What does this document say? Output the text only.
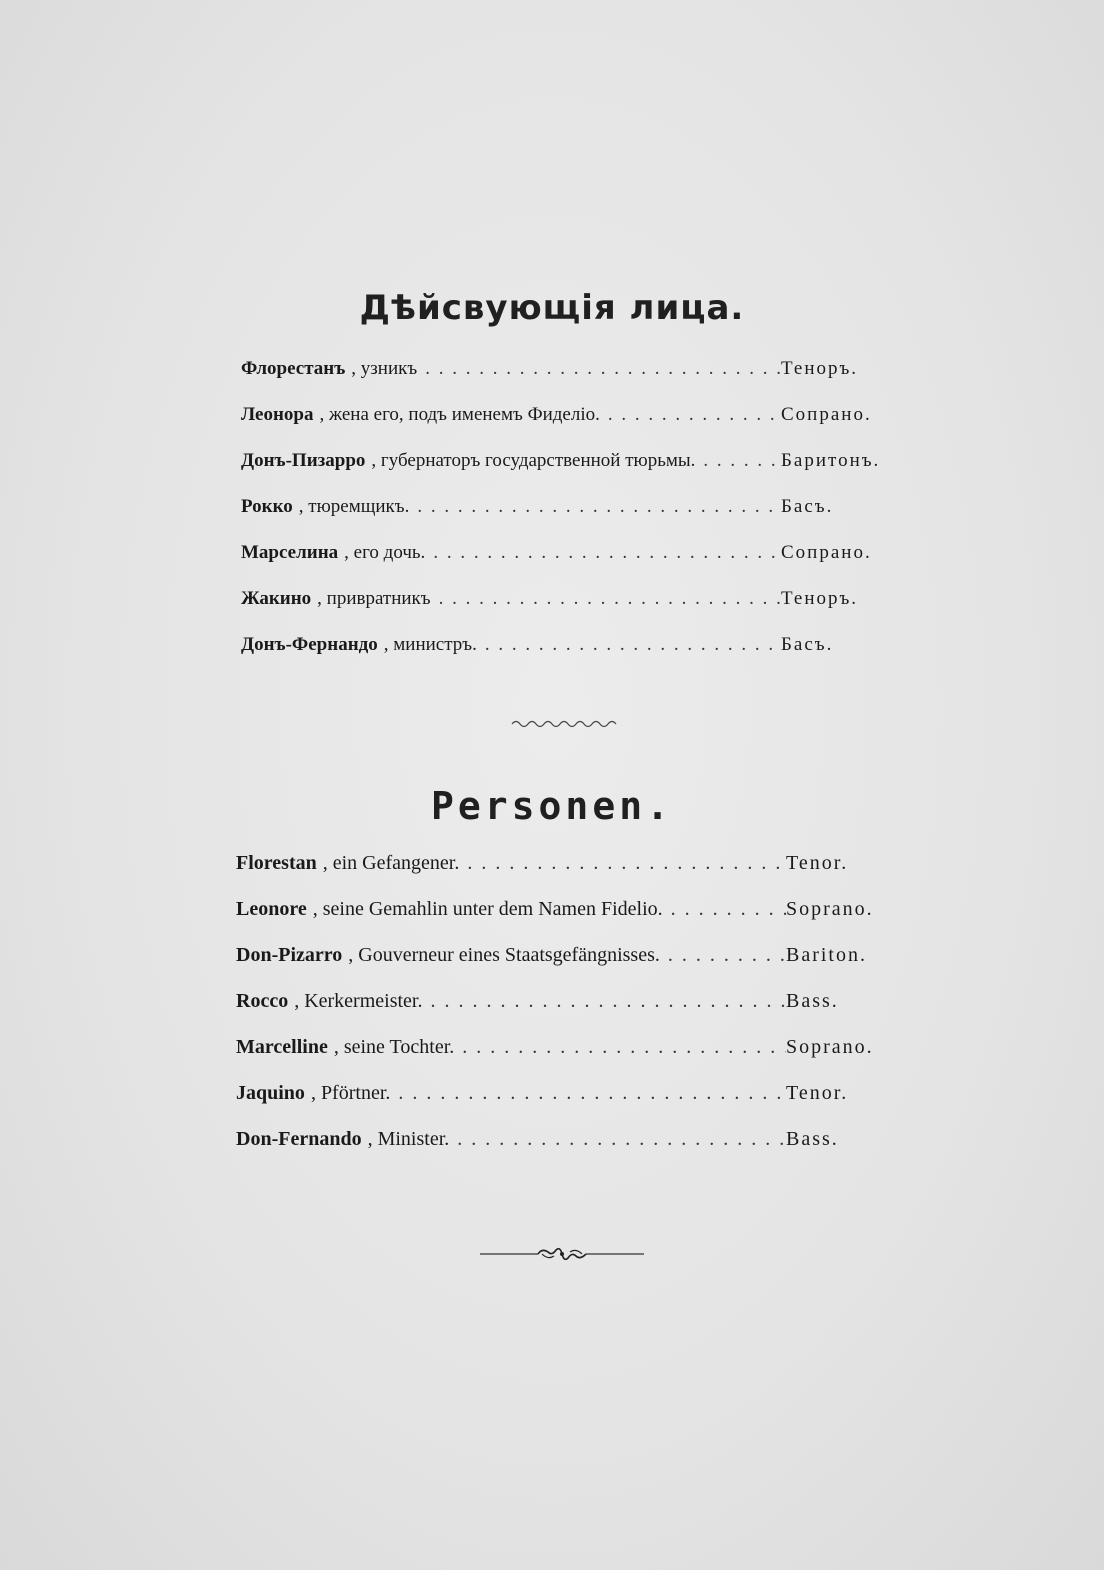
Дѣйсвующія лица.
Флорестанъ , узникъ . . .	Теноръ.
Леонора , жена его, подъ именемъ Фиделіо. . . .	Сопрано.
Донъ-Пизарро , губернаторъ государственной тюрьмы. . . .	Баритонъ.
Рокко , тюремщикъ. . . .	Басъ.
Марселина , его дочь. . . .	Сопрано.
Жакино , привратникъ . . .	Теноръ.
Донъ-Фернандо , министръ. . . .	Басъ.
Personen.
Florestan , ein Gefangener. . . .	Tenor.
Leonore , seine Gemahlin unter dem Namen Fidelio. . . .	Soprano.
Don-Pizarro , Gouverneur eines Staatsgefängnisses. . . .	Bariton.
Rocco , Kerkermeister. . . .	Bass.
Marcelline , seine Tochter. . . .	Soprano.
Jaquino , Pförtner. . . .	Tenor.
Don-Fernando , Minister. . . .	Bass.
